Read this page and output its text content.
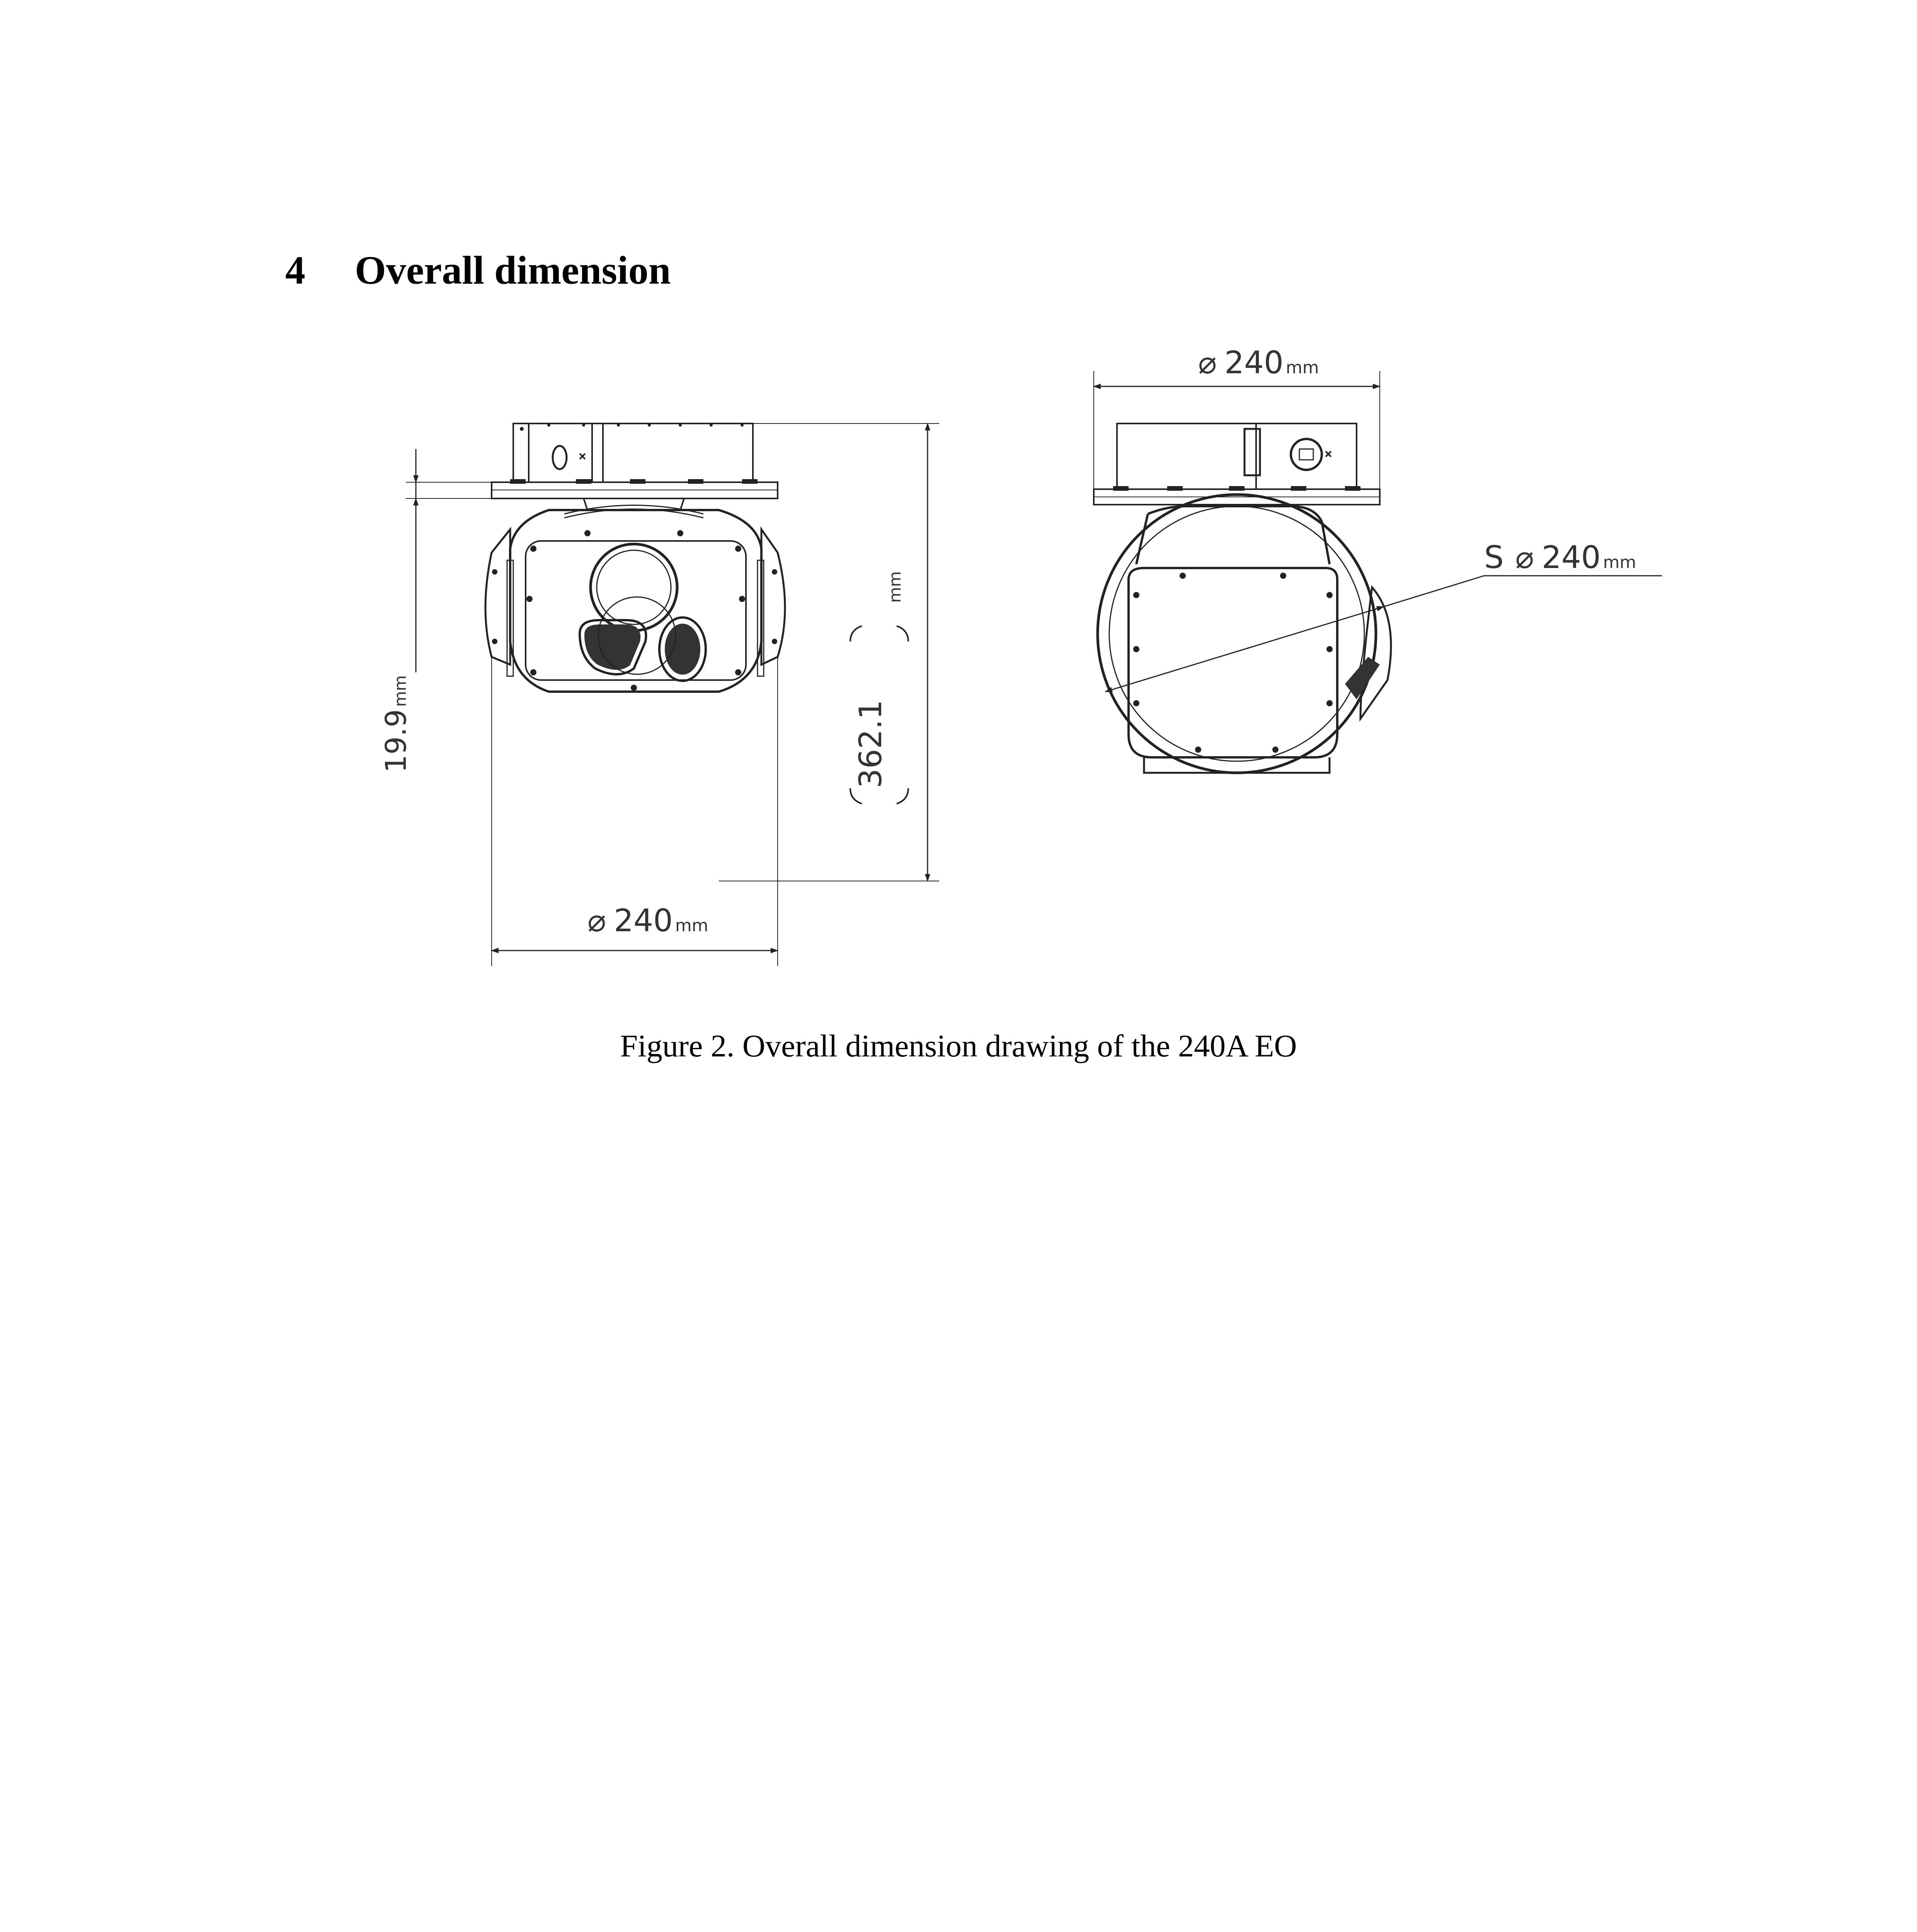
4 Overall dimension
19.9mm
362.1
mm
⌀ 240 mm
⌀ 240 mm
S ⌀ 240 mm
Figure 2. Overall dimension drawing of the 240A EO
